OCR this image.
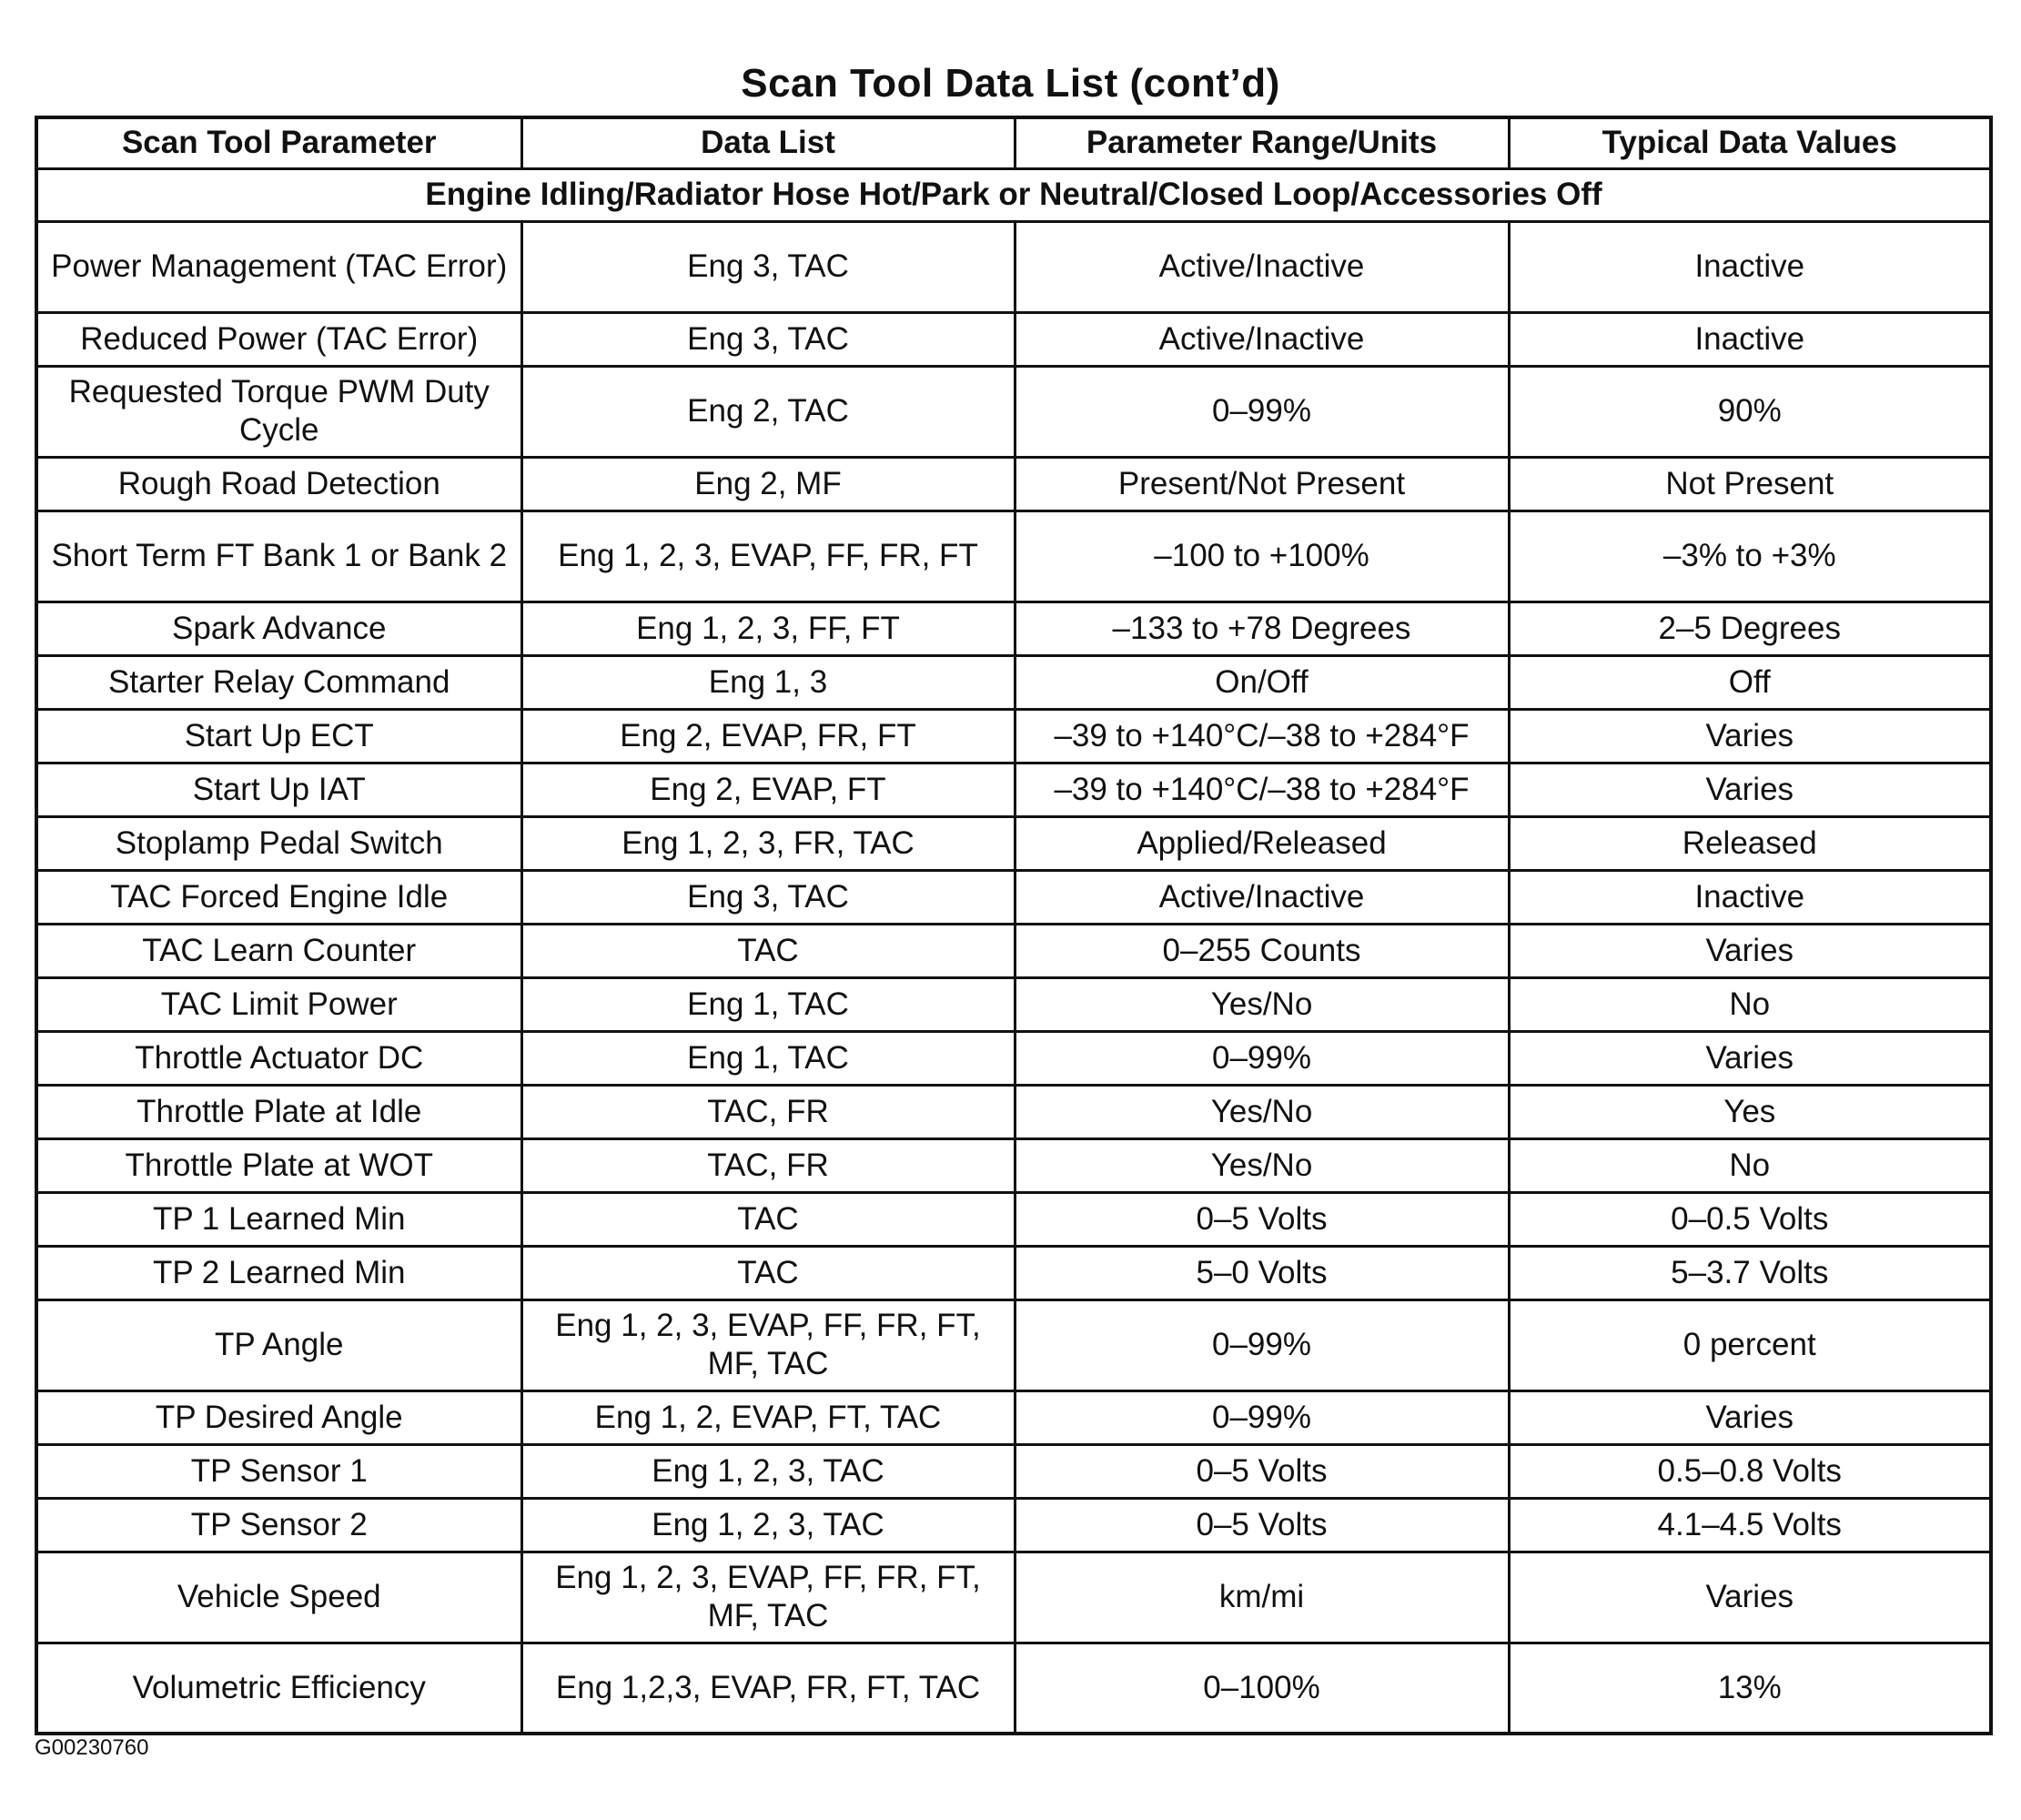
Scan Tool Data List (cont’d)
Scan Tool Parameter	Data List	Parameter Range/Units	Typical Data Values
Engine Idling/Radiator Hose Hot/Park or Neutral/Closed Loop/Accessories Off			
Power Management (TAC Error)	Eng 3, TAC	Active/Inactive	Inactive
Reduced Power (TAC Error)	Eng 3, TAC	Active/Inactive	Inactive
Requested Torque PWM Duty Cycle	Eng 2, TAC	0–99%	90%
Rough Road Detection	Eng 2, MF	Present/Not Present	Not Present
Short Term FT Bank 1 or Bank 2	Eng 1, 2, 3, EVAP, FF, FR, FT	–100 to +100%	–3% to +3%
Spark Advance	Eng 1, 2, 3, FF, FT	–133 to +78 Degrees	2–5 Degrees
Starter Relay Command	Eng 1, 3	On/Off	Off
Start Up ECT	Eng 2, EVAP, FR, FT	–39 to +140°C/–38 to +284°F	Varies
Start Up IAT	Eng 2, EVAP, FT	–39 to +140°C/–38 to +284°F	Varies
Stoplamp Pedal Switch	Eng 1, 2, 3, FR, TAC	Applied/Released	Released
TAC Forced Engine Idle	Eng 3, TAC	Active/Inactive	Inactive
TAC Learn Counter	TAC	0–255 Counts	Varies
TAC Limit Power	Eng 1, TAC	Yes/No	No
Throttle Actuator DC	Eng 1, TAC	0–99%	Varies
Throttle Plate at Idle	TAC, FR	Yes/No	Yes
Throttle Plate at WOT	TAC, FR	Yes/No	No
TP 1 Learned Min	TAC	0–5 Volts	0–0.5 Volts
TP 2 Learned Min	TAC	5–0 Volts	5–3.7 Volts
TP Angle	Eng 1, 2, 3, EVAP, FF, FR, FT, MF, TAC	0–99%	0 percent
TP Desired Angle	Eng 1, 2, EVAP, FT, TAC	0–99%	Varies
TP Sensor 1	Eng 1, 2, 3, TAC	0–5 Volts	0.5–0.8 Volts
TP Sensor 2	Eng 1, 2, 3, TAC	0–5 Volts	4.1–4.5 Volts
Vehicle Speed	Eng 1, 2, 3, EVAP, FF, FR, FT, MF, TAC	km/mi	Varies
Volumetric Efficiency	Eng 1,2,3, EVAP, FR, FT, TAC	0–100%	13%
G00230760
